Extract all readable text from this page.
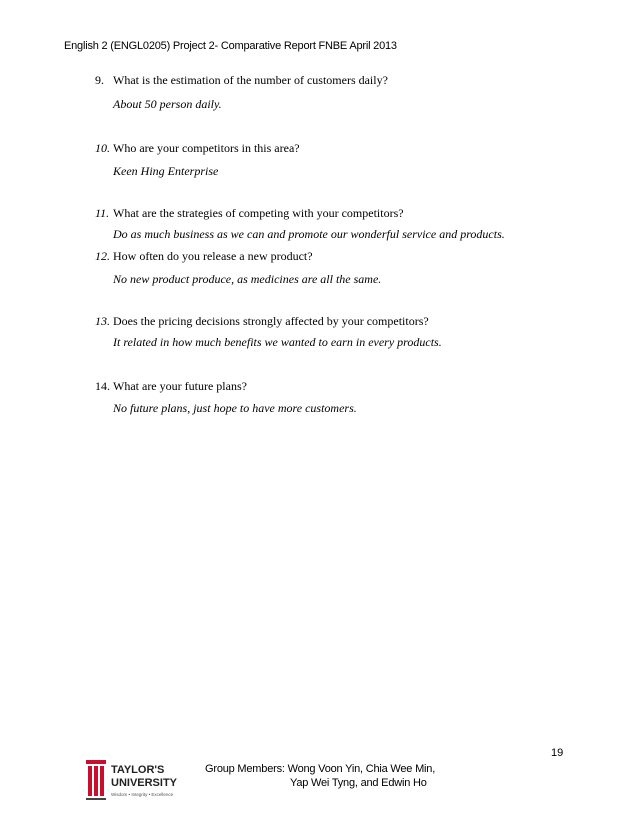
English 2 (ENGL0205) Project 2- Comparative Report FNBE April 2013
9. What is the estimation of the number of customers daily?
About 50 person daily.
10. Who are your competitors in this area?
Keen Hing Enterprise
11. What are the strategies of competing with your competitors?
Do as much business as we can and promote our wonderful service and products.
12. How often do you release a new product?
No new product produce, as medicines are all the same.
13. Does the pricing decisions strongly affected by your competitors?
It related in how much benefits we wanted to earn in every products.
14. What are your future plans?
No future plans, just hope to have more customers.
19
TAYLOR'S
UNIVERSITY
Wisdom • Integrity • Excellence
Group Members: Wong Voon Yin, Chia Wee Min,
Yap Wei Tyng, and Edwin Ho
